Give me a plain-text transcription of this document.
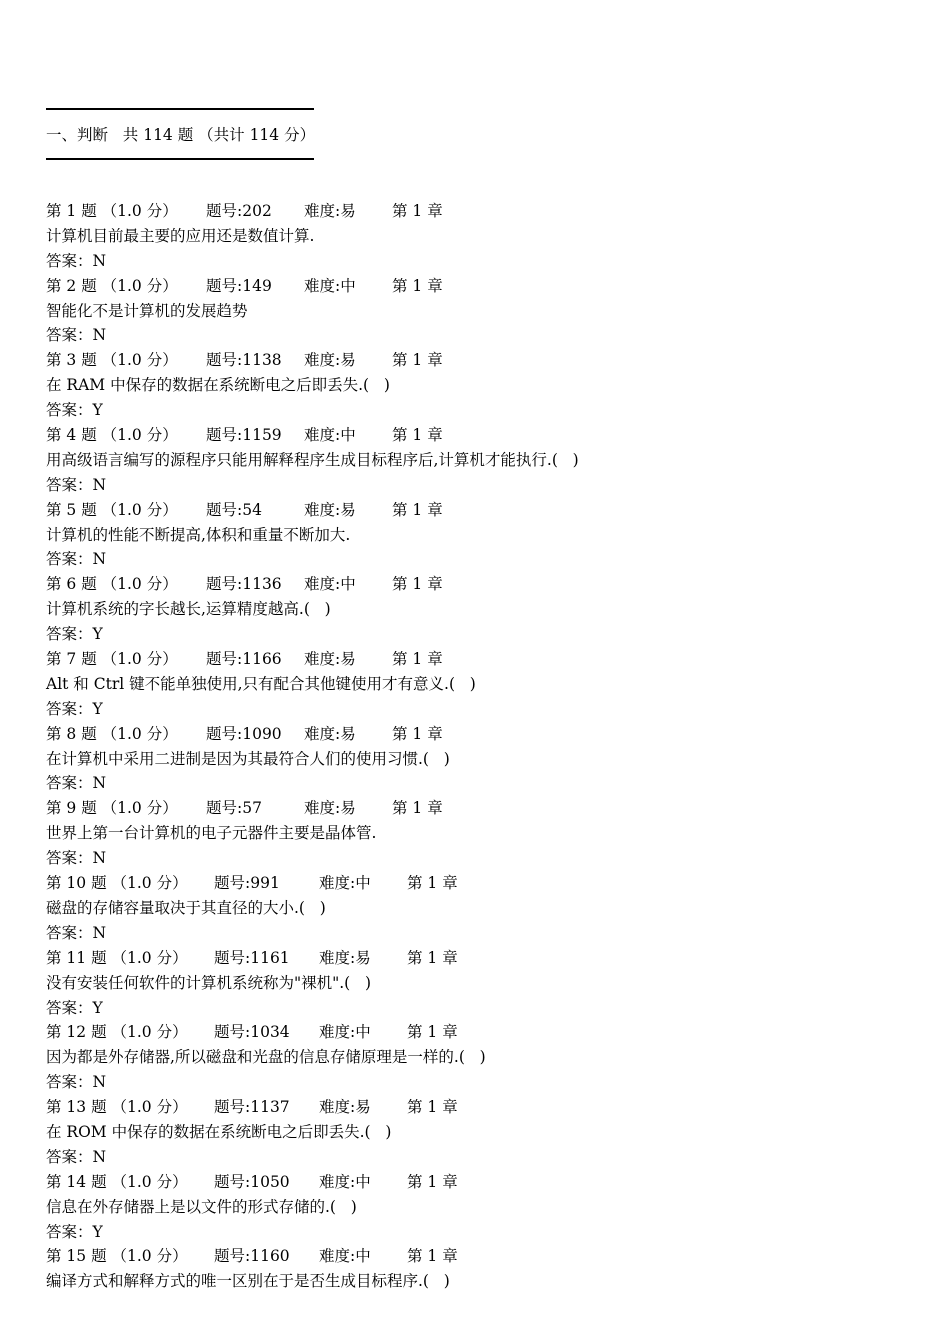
一、判断   共 114 题 （共计 114 分）
第 1 题 （1.0 分） 题号:202 难度:易 第 1 章
计算机目前最主要的应用还是数值计算.
答案：N
第 2 题 （1.0 分） 题号:149 难度:中 第 1 章
智能化不是计算机的发展趋势
答案：N
第 3 题 （1.0 分） 题号:1138 难度:易 第 1 章
在 RAM 中保存的数据在系统断电之后即丢失.(   )
答案：Y
第 4 题 （1.0 分） 题号:1159 难度:中 第 1 章
用高级语言编写的源程序只能用解释程序生成目标程序后,计算机才能执行.(   )
答案：N
第 5 题 （1.0 分） 题号:54	难度:易 第 1 章
计算机的性能不断提高,体积和重量不断加大.
答案：N
第 6 题 （1.0 分） 题号:1136 难度:中 第 1 章
计算机系统的字长越长,运算精度越高.(   )
答案：Y
第 7 题 （1.0 分） 题号:1166 难度:易 第 1 章
Alt 和 Ctrl 键不能单独使用,只有配合其他键使用才有意义.(   )
答案：Y
第 8 题 （1.0 分） 题号:1090 难度:易 第 1 章
在计算机中采用二进制是因为其最符合人们的使用习惯.(   )
答案：N
第 9 题 （1.0 分） 题号:57	难度:易 第 1 章
世界上第一台计算机的电子元器件主要是晶体管.
答案：N
第 10 题 （1.0 分） 题号:991	难度:中 第 1 章
磁盘的存储容量取决于其直径的大小.(   )
答案：N
第 11 题 （1.0 分） 题号:1161 难度:易 第 1 章
没有安装任何软件的计算机系统称为"裸机".(   )
答案：Y
第 12 题 （1.0 分） 题号:1034 难度:中 第 1 章
因为都是外存储器,所以磁盘和光盘的信息存储原理是一样的.(   )
答案：N
第 13 题 （1.0 分） 题号:1137 难度:易 第 1 章
在 ROM 中保存的数据在系统断电之后即丢失.(   )
答案：N
第 14 题 （1.0 分） 题号:1050 难度:中 第 1 章
信息在外存储器上是以文件的形式存储的.(   )
答案：Y
第 15 题 （1.0 分） 题号:1160 难度:中 第 1 章
编译方式和解释方式的唯一区别在于是否生成目标程序.(   )
